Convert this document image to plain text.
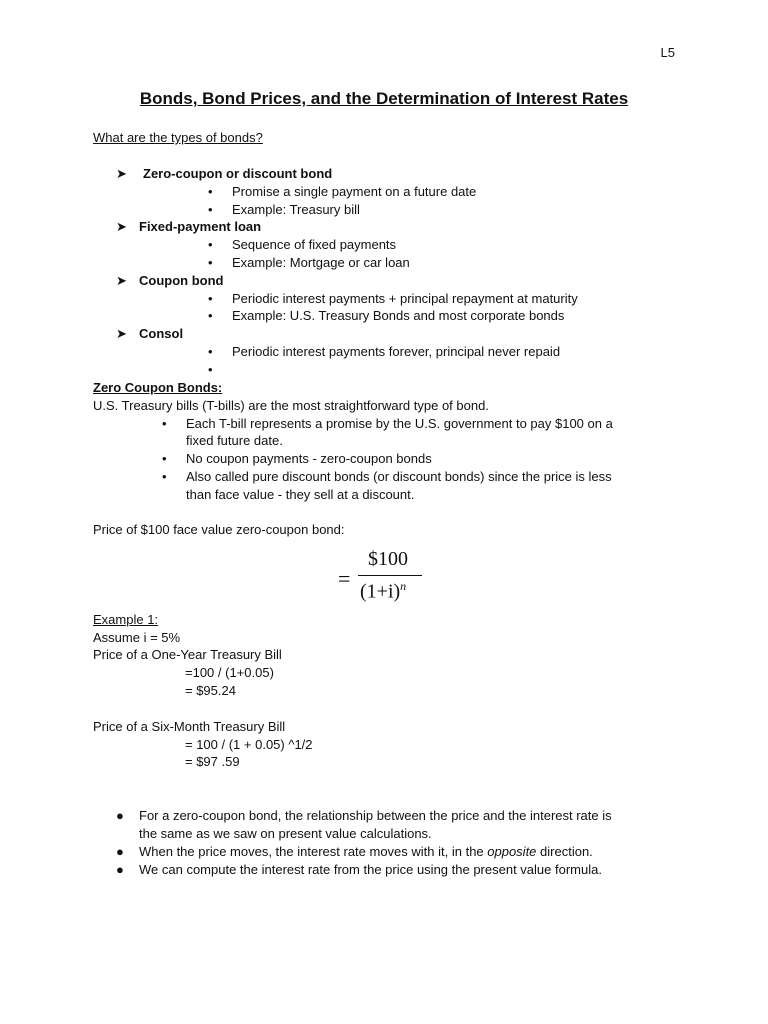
L5
Bonds, Bond Prices, and the Determination of Interest Rates
What are the types of bonds?
➤ Zero-coupon or discount bond
• Promise a single payment on a future date
• Example: Treasury bill
➤ Fixed-payment loan
• Sequence of fixed payments
• Example: Mortgage or car loan
➤ Coupon bond
• Periodic interest payments + principal repayment at maturity
• Example: U.S. Treasury Bonds and most corporate bonds
➤ Consol
• Periodic interest payments forever, principal never repaid
•
Zero Coupon Bonds:
U.S. Treasury bills (T-bills) are the most straightforward type of bond.
• Each T-bill represents a promise by the U.S. government to pay $100 on a
fixed future date.
• No coupon payments - zero-coupon bonds
• Also called pure discount bonds (or discount bonds) since the price is less
than face value - they sell at a discount.
Price of $100 face value zero-coupon bond:
=
$100
$(1+i)^n$
Example 1:
Assume i = 5%
Price of a One-Year Treasury Bill
=100 / (1+0.05)
= $95.24
Price of a Six-Month Treasury Bill
= 100 / (1 + 0.05) ^1/2
= $97 .59
● For a zero-coupon bond, the relationship between the price and the interest rate is
the same as we saw on present value calculations.
● When the price moves, the interest rate moves with it, in the opposite direction.
● We can compute the interest rate from the price using the present value formula.
